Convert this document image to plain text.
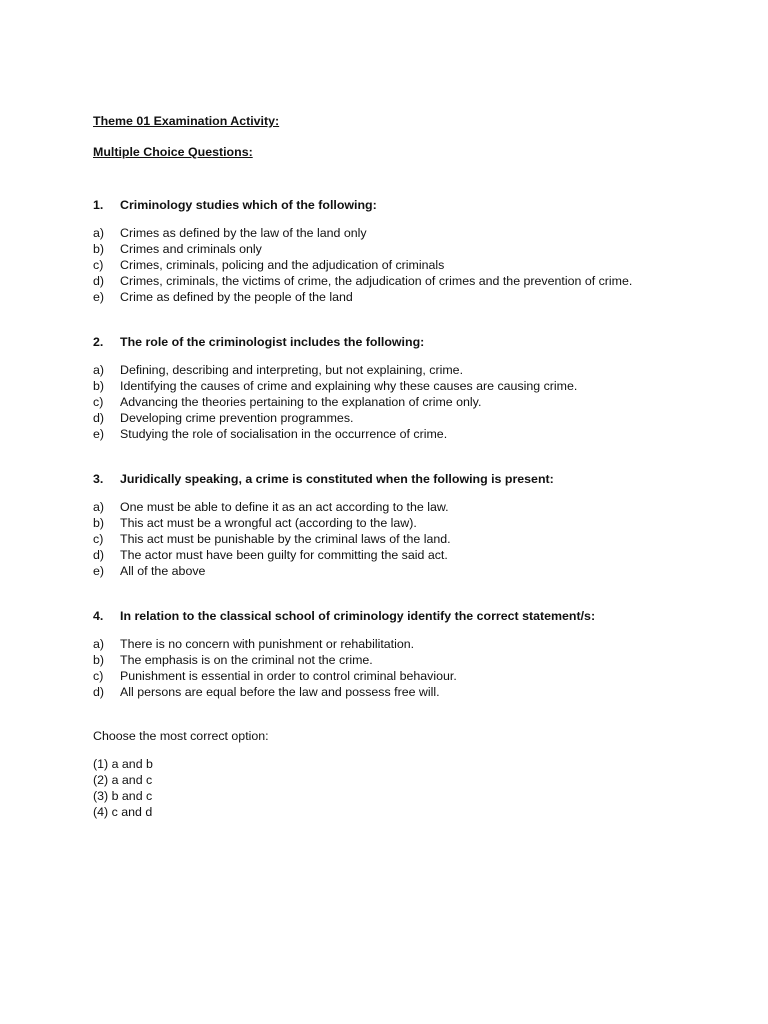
Theme 01 Examination Activity:

Multiple Choice Questions:

1.	Criminology studies which of the following:
a)	Crimes as defined by the law of the land only
b)	Crimes and criminals only
c)	Crimes, criminals, policing and the adjudication of criminals
d)	Crimes, criminals, the victims of crime, the adjudication of crimes and the prevention of crime.
e)	Crime as defined by the people of the land
2.	The role of the criminologist includes the following:
a)	Defining, describing and interpreting, but not explaining, crime.
b)	Identifying the causes of crime and explaining why these causes are causing crime.
c)	Advancing the theories pertaining to the explanation of crime only.
d)	Developing crime prevention programmes.
e)	Studying the role of socialisation in the occurrence of crime.
3.	Juridically speaking, a crime is constituted when the following is present:
a)	One must be able to define it as an act according to the law.
b)	This act must be a wrongful act (according to the law).
c)	This act must be punishable by the criminal laws of the land.
d)	The actor must have been guilty for committing the said act.
e)	All of the above
4.	In relation to the classical school of criminology identify the correct statement/s:
a)	There is no concern with punishment or rehabilitation.
b)	The emphasis is on the criminal not the crime.
c)	Punishment is essential in order to control criminal behaviour.
d)	All persons are equal before the law and possess free will.

Choose the most correct option:

(1) a and b
(2) a and c
(3) b and c
(4) c and d
